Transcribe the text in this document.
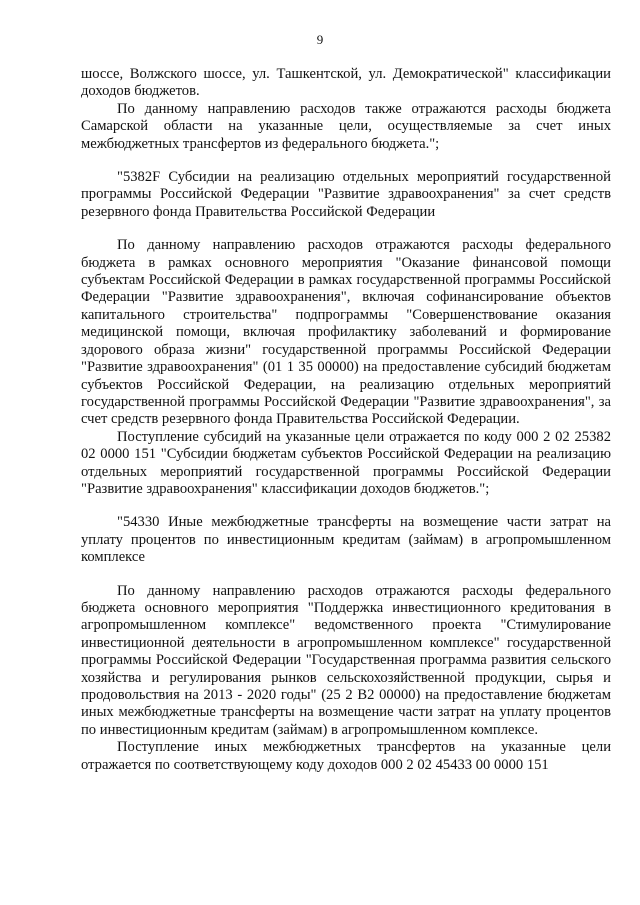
9

шоссе, Волжского шоссе, ул. Ташкентской, ул. Демократической" классификации доходов бюджетов.

По данному направлению расходов также отражаются расходы бюджета Самарской области на указанные цели, осуществляемые за счет иных межбюджетных трансфертов из федерального бюджета.";

"5382F Субсидии на реализацию отдельных мероприятий государственной программы Российской Федерации "Развитие здравоохранения" за счет средств резервного фонда Правительства Российской Федерации

По данному направлению расходов отражаются расходы федерального бюджета в рамках основного мероприятия "Оказание финансовой помощи субъектам Российской Федерации в рамках государственной программы Российской Федерации "Развитие здравоохранения", включая софинансирование объектов капитального строительства" подпрограммы "Совершенствование оказания медицинской помощи, включая профилактику заболеваний и формирование здорового образа жизни" государственной программы Российской Федерации "Развитие здравоохранения" (01 1 35 00000) на предоставление субсидий бюджетам субъектов Российской Федерации, на реализацию отдельных мероприятий государственной программы Российской Федерации "Развитие здравоохранения", за счет средств резервного фонда Правительства Российской Федерации.

Поступление субсидий на указанные цели отражается по коду 000 2 02 25382 02 0000 151 "Субсидии бюджетам субъектов Российской Федерации на реализацию отдельных мероприятий государственной программы Российской Федерации "Развитие здравоохранения" классификации доходов бюджетов.";

"54330 Иные межбюджетные трансферты на возмещение части затрат на уплату процентов по инвестиционным кредитам (займам) в агропромышленном комплексе

По данному направлению расходов отражаются расходы федерального бюджета основного мероприятия "Поддержка инвестиционного кредитования в агропромышленном комплексе" ведомственного проекта "Стимулирование инвестиционной деятельности в агропромышленном комплексе" государственной программы Российской Федерации "Государственная программа развития сельского хозяйства и регулирования рынков сельскохозяйственной продукции, сырья и продовольствия на 2013 - 2020 годы" (25 2 В2 00000) на предоставление бюджетам иных межбюджетные трансферты на возмещение части затрат на уплату процентов по инвестиционным кредитам (займам) в агропромышленном комплексе.

Поступление иных межбюджетных трансфертов на указанные цели отражается по соответствующему коду доходов 000 2 02 45433 00 0000 151
